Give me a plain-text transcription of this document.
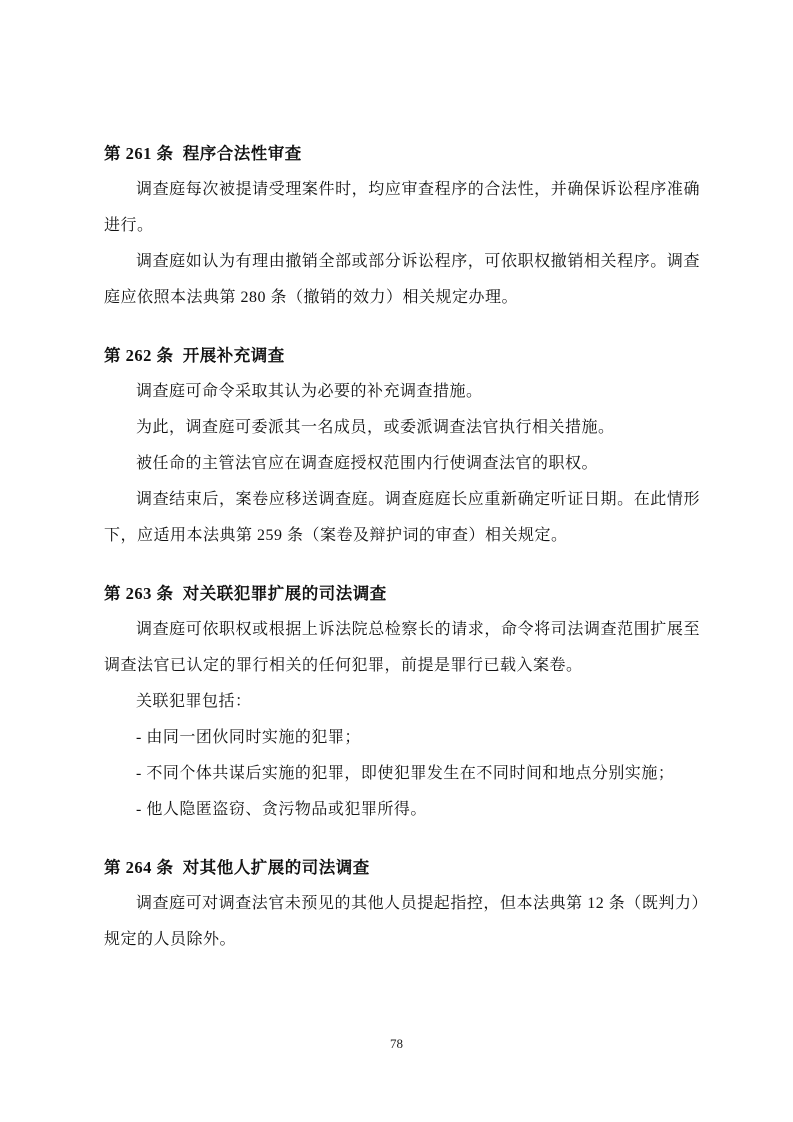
第 261 条  程序合法性审查

调查庭每次被提请受理案件时，均应审查程序的合法性，并确保诉讼程序准确进行。

调查庭如认为有理由撤销全部或部分诉讼程序，可依职权撤销相关程序。调查庭应依照本法典第 280 条（撤销的效力）相关规定办理。

第 262 条  开展补充调查

调查庭可命令采取其认为必要的补充调查措施。

为此，调查庭可委派其一名成员，或委派调查法官执行相关措施。

被任命的主管法官应在调查庭授权范围内行使调查法官的职权。

调查结束后，案卷应移送调查庭。调查庭庭长应重新确定听证日期。在此情形下，应适用本法典第 259 条（案卷及辩护词的审查）相关规定。

第 263 条  对关联犯罪扩展的司法调查

调查庭可依职权或根据上诉法院总检察长的请求，命令将司法调查范围扩展至调查法官已认定的罪行相关的任何犯罪，前提是罪行已载入案卷。

关联犯罪包括：

- 由同一团伙同时实施的犯罪；

- 不同个体共谋后实施的犯罪，即使犯罪发生在不同时间和地点分别实施；

- 他人隐匿盗窃、贪污物品或犯罪所得。

第 264 条  对其他人扩展的司法调查

调查庭可对调查法官未预见的其他人员提起指控，但本法典第 12 条（既判力）规定的人员除外。

78
